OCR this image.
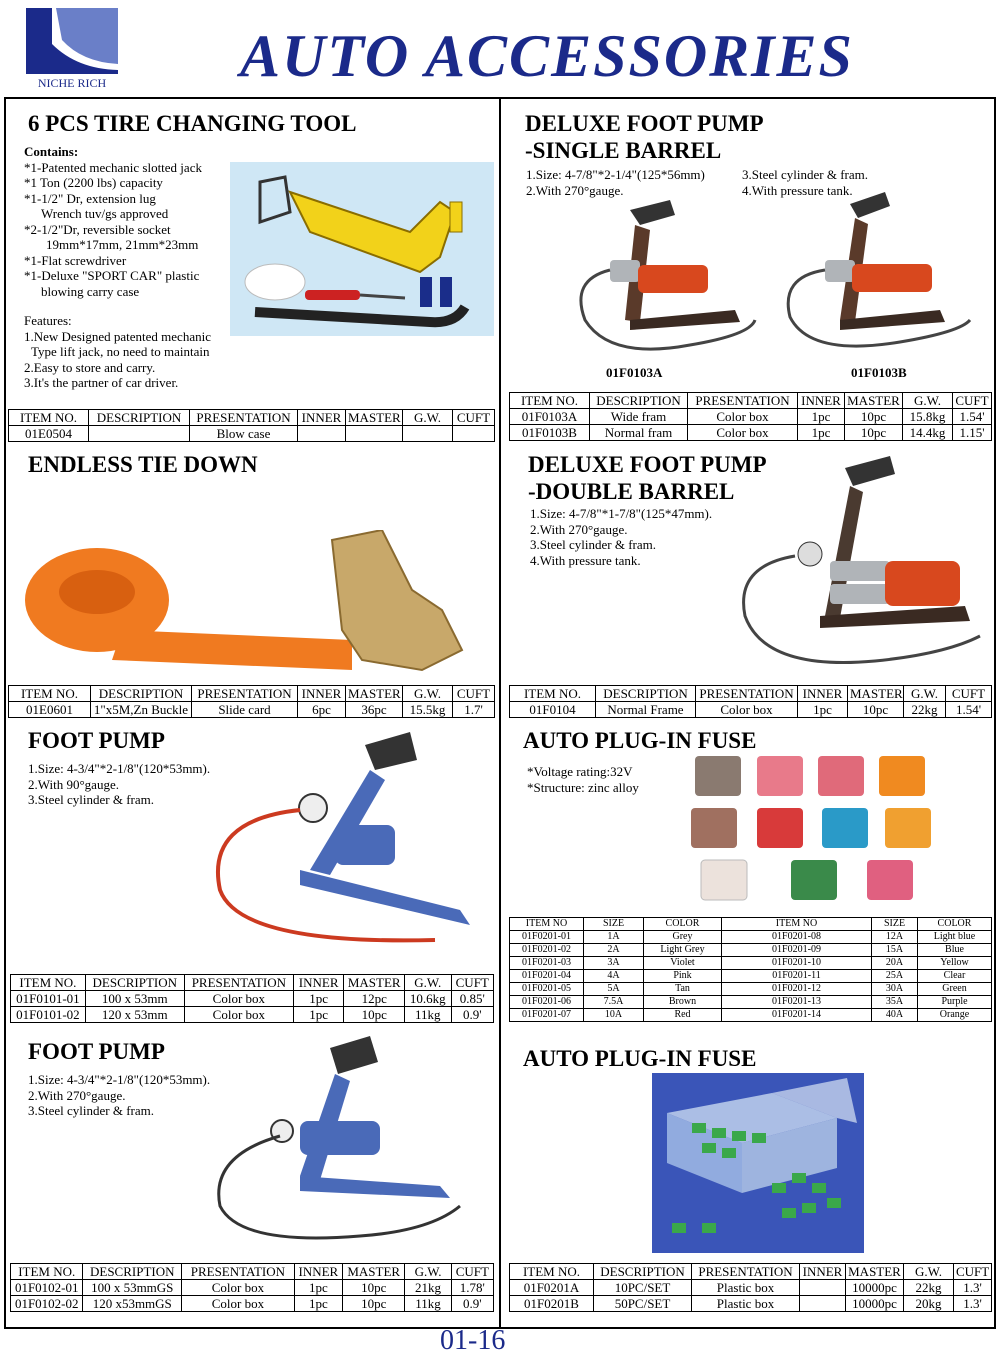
NICHE RICH AUTO ACCESSORIES
6 PCS TIRE CHANGING TOOL
Contains:
*1-Patented mechanic slotted jack
*1 Ton (2200 lbs) capacity
*1-1/2" Dr, extension lug
Wrench tuv/gs approved
*2-1/2"Dr, reversible socket
19mm*17mm, 21mm*23mm
*1-Flat screwdriver
*1-Deluxe "SPORT CAR" plastic
blowing carry case
Features:
1.New Designed patented mechanic
Type lift jack, no need to maintain
2.Easy to store and carry.
3.It's the partner of car driver.
ITEM NO.	DESCRIPTION	PRESENTATION	INNER	MASTER	G.W.	CUFT
01E0504		Blow case				
DELUXE FOOT PUMP
-SINGLE BARREL
1.Size: 4-7/8"*2-1/4"(125*56mm)
2.With 270°gauge.
3.Steel cylinder & fram.
4.With pressure tank.
01F0103A	01F0103B
ITEM NO.	DESCRIPTION	PRESENTATION	INNER	MASTER	G.W.	CUFT
01F0103A	Wide fram	Color box	1pc	10pc	15.8kg	1.54'
01F0103B	Normal fram	Color box	1pc	10pc	14.4kg	1.15'
ENDLESS TIE DOWN
ITEM NO.	DESCRIPTION	PRESENTATION	INNER	MASTER	G.W.	CUFT
01E0601	1"x5M,Zn Buckle	Slide card	6pc	36pc	15.5kg	1.7'
DELUXE FOOT PUMP
-DOUBLE BARREL
1.Size: 4-7/8"*1-7/8"(125*47mm).
2.With 270°gauge.
3.Steel cylinder & fram.
4.With pressure tank.
ITEM NO.	DESCRIPTION	PRESENTATION	INNER	MASTER	G.W.	CUFT
01F0104	Normal Frame	Color box	1pc	10pc	22kg	1.54'
FOOT PUMP
1.Size: 4-3/4"*2-1/8"(120*53mm).
2.With 90°gauge.
3.Steel cylinder & fram.
ITEM NO.	DESCRIPTION	PRESENTATION	INNER	MASTER	G.W.	CUFT
01F0101-01	100 x 53mm	Color box	1pc	12pc	10.6kg	0.85'
01F0101-02	120 x 53mm	Color box	1pc	10pc	11kg	0.9'
AUTO PLUG-IN FUSE
*Voltage rating:32V
*Structure: zinc alloy
ITEM NO	SIZE	COLOR	ITEM NO	SIZE	COLOR
01F0201-01	1A	Grey	01F0201-08	12A	Light blue
01F0201-02	2A	Light Grey	01F0201-09	15A	Blue
01F0201-03	3A	Violet	01F0201-10	20A	Yellow
01F0201-04	4A	Pink	01F0201-11	25A	Clear
01F0201-05	5A	Tan	01F0201-12	30A	Green
01F0201-06	7.5A	Brown	01F0201-13	35A	Purple
01F0201-07	10A	Red	01F0201-14	40A	Orange
FOOT PUMP
1.Size: 4-3/4"*2-1/8"(120*53mm).
2.With 270°gauge.
3.Steel cylinder & fram.
ITEM NO.	DESCRIPTION	PRESENTATION	INNER	MASTER	G.W.	CUFT
01F0102-01	100 x 53mmGS	Color box	1pc	10pc	21kg	1.78'
01F0102-02	120 x53mmGS	Color box	1pc	10pc	11kg	0.9'
AUTO PLUG-IN FUSE
ITEM NO.	DESCRIPTION	PRESENTATION	INNER	MASTER	G.W.	CUFT
01F0201A	10PC/SET	Plastic box		10000pc	22kg	1.3'
01F0201B	50PC/SET	Plastic box		10000pc	20kg	1.3'
01-16
